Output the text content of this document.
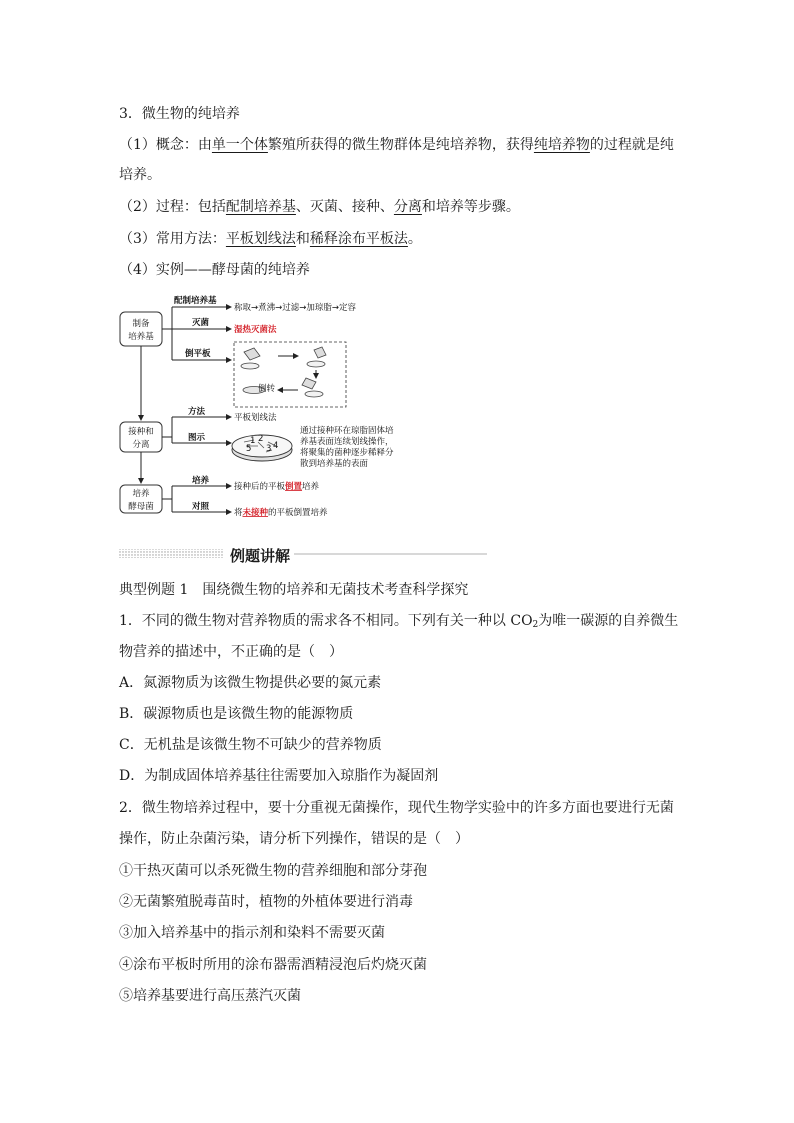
3．微生物的纯培养
（1）概念：由单一个体繁殖所获得的微生物群体是纯培养物，获得纯培养物的过程就是纯
培养。
（2）过程：包括配制培养基、灭菌、接种、分离和培养等步骤。
（3）常用方法：平板划线法和稀释涂布平板法。
（4）实例——酵母菌的纯培养
制备
培养基
接种和
分离
培养
酵母菌
配制培养基
灭菌
倒平板
称取→煮沸→过滤→加琼脂→定容
湿热灭菌法
倒转
方法
图示
平板划线法
1 2
3 4
5
通过接种环在琼脂固体培
养基表面连续划线操作，
将聚集的菌种逐步稀释分
散到培养基的表面
培养
对照
接种后的平板倒置培养
将未接种的平板倒置培养
例题讲解
典型例题 1　围绕微生物的培养和无菌技术考查科学探究
1．不同的微生物对营养物质的需求各不相同。下列有关一种以 $CO_2$为唯一碳源的自养微生
物营养的描述中，不正确的是（　）
A．氮源物质为该微生物提供必要的氮元素
B．碳源物质也是该微生物的能源物质
C．无机盐是该微生物不可缺少的营养物质
D．为制成固体培养基往往需要加入琼脂作为凝固剂
2．微生物培养过程中，要十分重视无菌操作，现代生物学实验中的许多方面也要进行无菌
操作，防止杂菌污染，请分析下列操作，错误的是（　）
①干热灭菌可以杀死微生物的营养细胞和部分芽孢
②无菌繁殖脱毒苗时，植物的外植体要进行消毒
③加入培养基中的指示剂和染料不需要灭菌
④涂布平板时所用的涂布器需酒精浸泡后灼烧灭菌
⑤培养基要进行高压蒸汽灭菌
